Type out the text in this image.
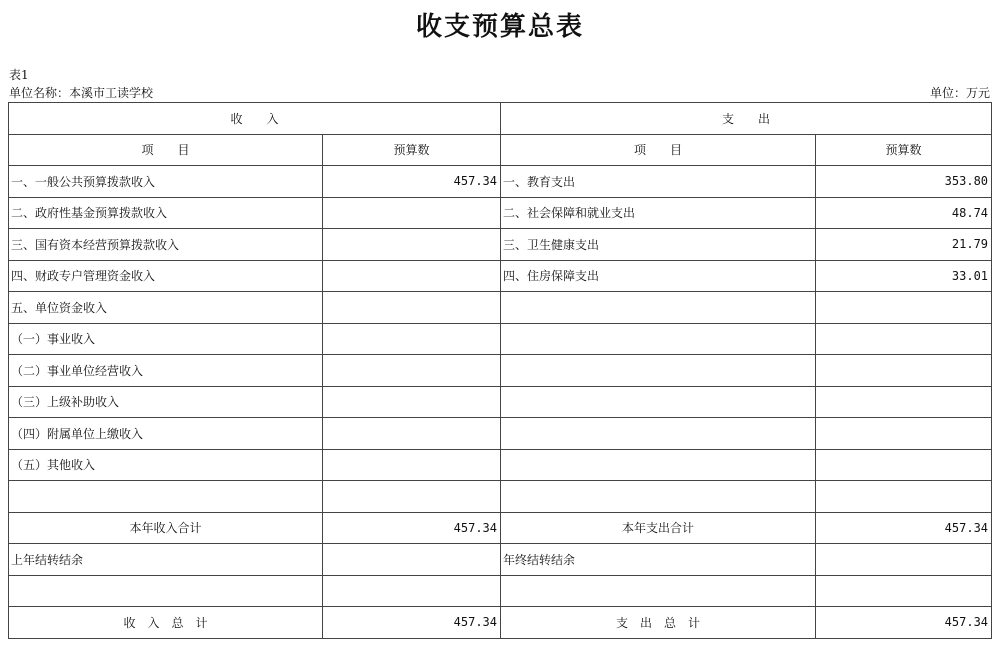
收支预算总表
表1
单位名称：本溪市工读学校	单位：万元
收　　入		支　　出	
项　　目	预算数	项　　目	预算数
一、一般公共预算拨款收入	457.34	一、教育支出	353.80
二、政府性基金预算拨款收入		二、社会保障和就业支出	48.74
三、国有资本经营预算拨款收入		三、卫生健康支出	21.79
四、财政专户管理资金收入		四、住房保障支出	33.01
五、单位资金收入			
（一）事业收入			
（二）事业单位经营收入			
（三）上级补助收入			
（四）附属单位上缴收入			
（五）其他收入			

本年收入合计	457.34	本年支出合计	457.34
上年结转结余		年终结转结余	

收　入　总　计	457.34	支　出　总　计	457.34
